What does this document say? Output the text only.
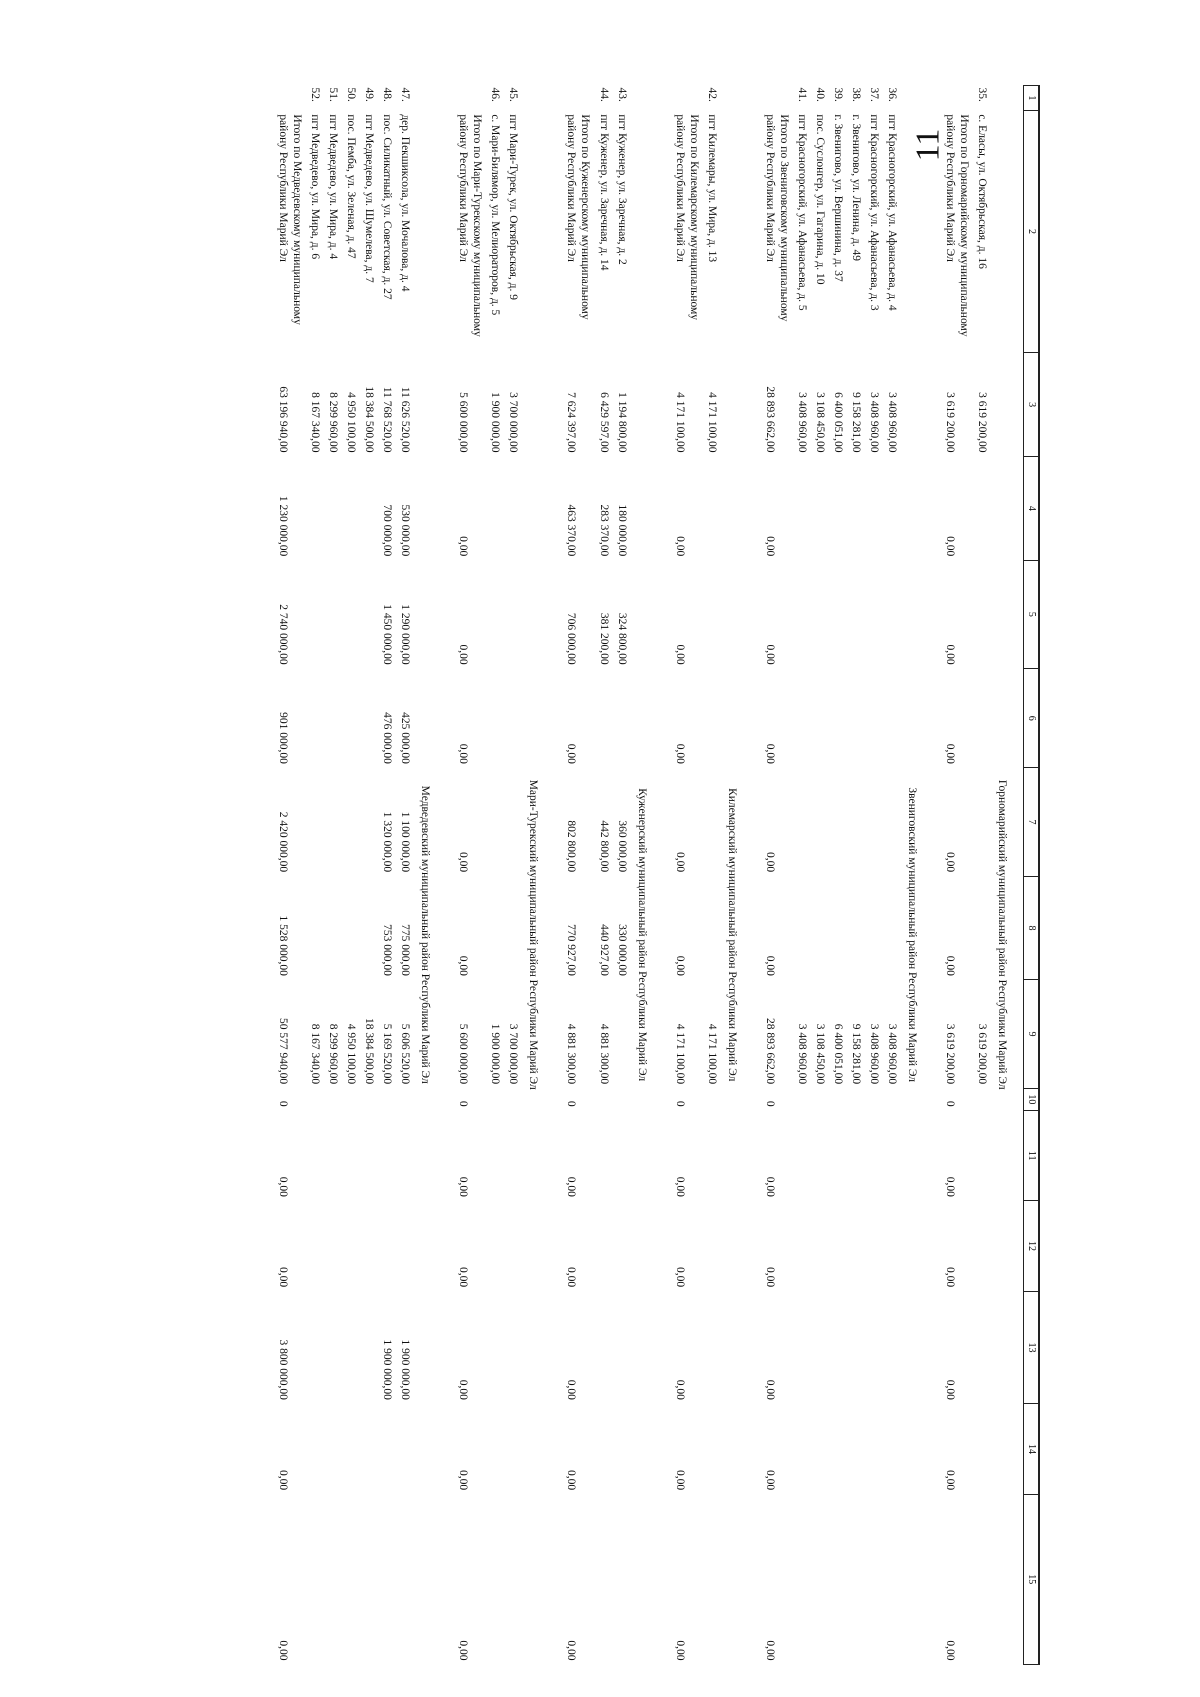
11
1	2	3	4	5	6	7	8	9	10	11	12	13	14	15
					Горномарийский муниципальный район Республики Марий Эл									
35.	с. Еласы, ул. Октябрьская, д. 16	3 619 200,00						3 619 200,00						
	Итого по Горномарийскому муниципальному району Республики Марий Эл	3 619 200,00	0,00	0,00	0,00	0,00	0,00	3 619 200,00	0	0,00	0,00	0,00	0,00	0,00
					Звениговский муниципальный район Республики Марий Эл									
36.	пгт Красногорский, ул. Афанасьева, д. 4	3 408 960,00						3 408 960,00						
37.	пгт Красногорский, ул. Афанасьева, д. 3	3 408 960,00						3 408 960,00						
38.	г. Звенигово, ул. Ленина, д. 49	9 158 281,00						9 158 281,00						
39.	г. Звенигово, ул. Вершинина, д. 37	6 400 051,00						6 400 051,00						
40.	пос. Суслонгер, ул. Гагарина, д. 10	3 108 450,00						3 108 450,00						
41.	пгт Красногорский, ул. Афанасьева, д. 5	3 408 960,00						3 408 960,00						
	Итого по Звениговскому муниципальному району Республики Марий Эл	28 893 662,00	0,00	0,00	0,00	0,00	0,00	28 893 662,00	0	0,00	0,00	0,00	0,00	0,00
					Килемарский муниципальный район Республики Марий Эл									
42.	пгт Килемары, ул. Мира, д. 13	4 171 100,00						4 171 100,00						
	Итого по Килемарскому муниципальному району Республики Марий Эл	4 171 100,00	0,00	0,00	0,00	0,00	0,00	4 171 100,00	0	0,00	0,00	0,00	0,00	0,00
					Куженерский муниципальный район Республики Марий Эл									
43.	пгт Куженер, ул. Заречная, д. 2	1 194 800,00	180 000,00	324 800,00		360 000,00	330 000,00							
44.	пгт Куженер, ул. Заречная, д. 14	6 429 597,00	283 370,00	381 200,00		442 800,00	440 927,00	4 881 300,00						
	Итого по Куженерскому муниципальному району Республики Марий Эл	7 624 397,00	463 370,00	706 000,00	0,00	802 800,00	770 927,00	4 881 300,00	0	0,00	0,00	0,00	0,00	0,00
					Мари-Турекский муниципальный район Республики Марий Эл									
45.	пгт Мари-Турек, ул. Октябрьская, д. 9	3 700 000,00						3 700 000,00						
46.	с. Мари-Билямор, ул. Мелиораторов, д. 5	1 900 000,00						1 900 000,00						
	Итого по Мари-Турекскому муниципальному району Республики Марий Эл	5 600 000,00	0,00	0,00	0,00	0,00	0,00	5 600 000,00	0	0,00	0,00	0,00	0,00	0,00
					Медведевский муниципальный район Республики Марий Эл									
47.	дер. Пекшиксола, ул. Мочалова, д. 4	11 626 520,00	530 000,00	1 290 000,00	425 000,00	1 100 000,00	775 000,00	5 606 520,00				1 900 000,00		
48.	пос. Силикатный, ул. Советская, д. 27	11 768 520,00	700 000,00	1 450 000,00	476 000,00	1 320 000,00	753 000,00	5 169 520,00				1 900 000,00		
49.	пгт Медведево, ул. Шумелева, д. 7	18 384 500,00						18 384 500,00						
50.	пос. Пемба, ул. Зеленая, д. 47	4 950 100,00						4 950 100,00						
51.	пгт Медведево, ул. Мира, д. 4	8 299 960,00						8 299 960,00						
52.	пгт Медведево, ул. Мира, д. 6	8 167 340,00						8 167 340,00						
	Итого по Медведевскому муниципальному району Республики Марий Эл	63 196 940,00	1 230 000,00	2 740 000,00	901 000,00	2 420 000,00	1 528 000,00	50 577 940,00	0	0,00	0,00	3 800 000,00	0,00	0,00
